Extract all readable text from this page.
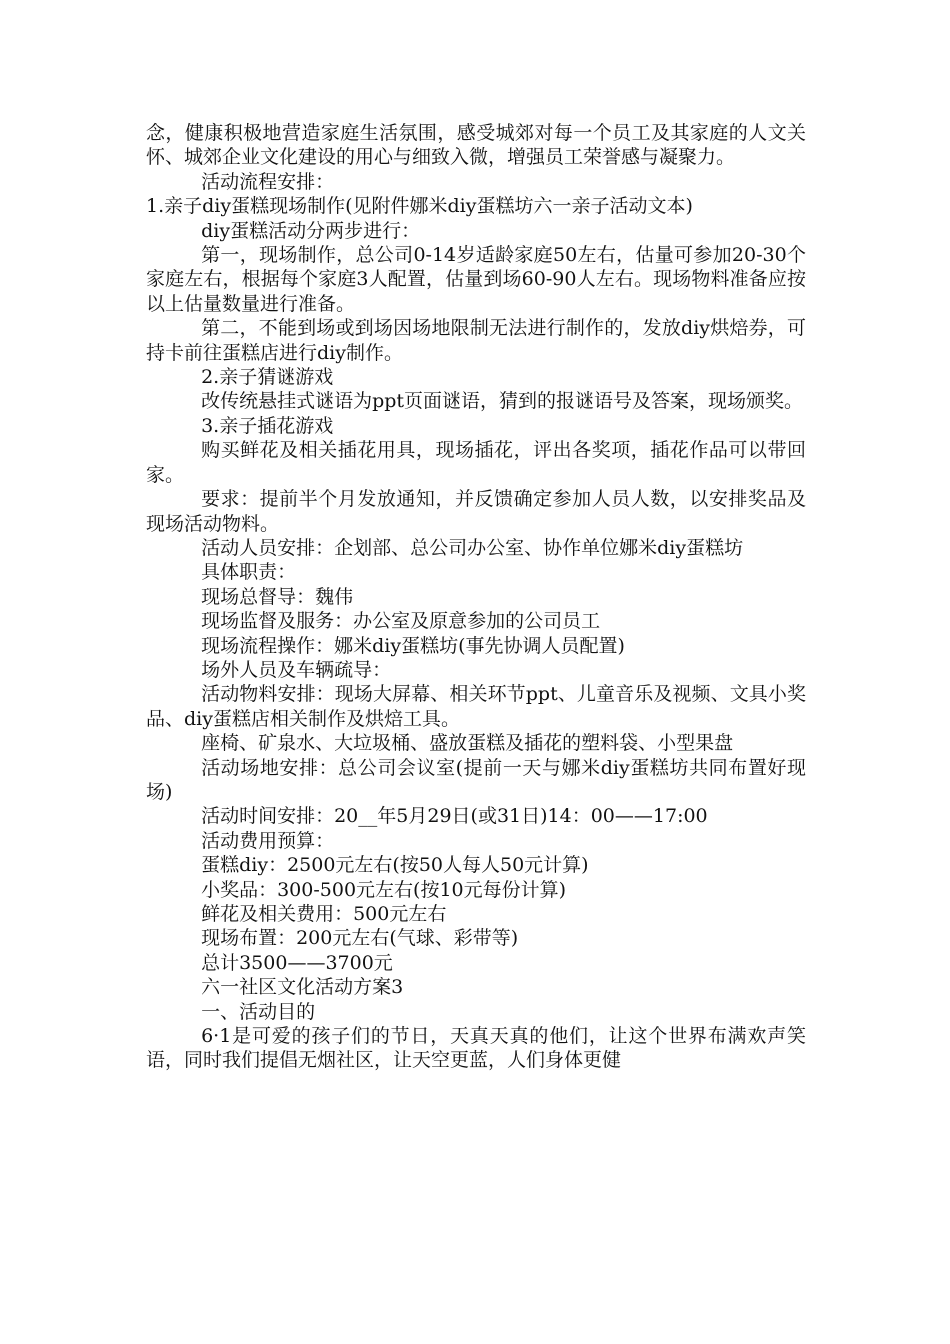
念，健康积极地营造家庭生活氛围，感受城郊对每一个员工及其家庭的人文关怀、城郊企业文化建设的用心与细致入微，增强员工荣誉感与凝聚力。

活动流程安排：

1.亲子diy蛋糕现场制作(见附件娜米diy蛋糕坊六一亲子活动文本)

diy蛋糕活动分两步进行：

第一，现场制作，总公司0-14岁适龄家庭50左右，估量可参加20-30个家庭左右，根据每个家庭3人配置，估量到场60-90人左右。现场物料准备应按以上估量数量进行准备。

第二，不能到场或到场因场地限制无法进行制作的，发放diy烘焙券，可持卡前往蛋糕店进行diy制作。

2.亲子猜谜游戏

改传统悬挂式谜语为ppt页面谜语，猜到的报谜语号及答案，现场颁奖。

3.亲子插花游戏

购买鲜花及相关插花用具，现场插花，评出各奖项，插花作品可以带回家。

要求：提前半个月发放通知，并反馈确定参加人员人数，以安排奖品及现场活动物料。

活动人员安排：企划部、总公司办公室、协作单位娜米diy蛋糕坊

具体职责：

现场总督导：魏伟

现场监督及服务：办公室及原意参加的公司员工

现场流程操作：娜米diy蛋糕坊(事先协调人员配置)

场外人员及车辆疏导：

活动物料安排：现场大屏幕、相关环节ppt、儿童音乐及视频、文具小奖品、diy蛋糕店相关制作及烘焙工具。

座椅、矿泉水、大垃圾桶、盛放蛋糕及插花的塑料袋、小型果盘

活动场地安排：总公司会议室(提前一天与娜米diy蛋糕坊共同布置好现场)

活动时间安排：20__年5月29日(或31日)14：00——17:00

活动费用预算：

蛋糕diy：2500元左右(按50人每人50元计算)

小奖品：300-500元左右(按10元每份计算)

鲜花及相关费用：500元左右

现场布置：200元左右(气球、彩带等)

总计3500——3700元

六一社区文化活动方案3

一、活动目的

6·1是可爱的孩子们的节日，天真天真的他们，让这个世界布满欢声笑语，同时我们提倡无烟社区，让天空更蓝，人们身体更健
